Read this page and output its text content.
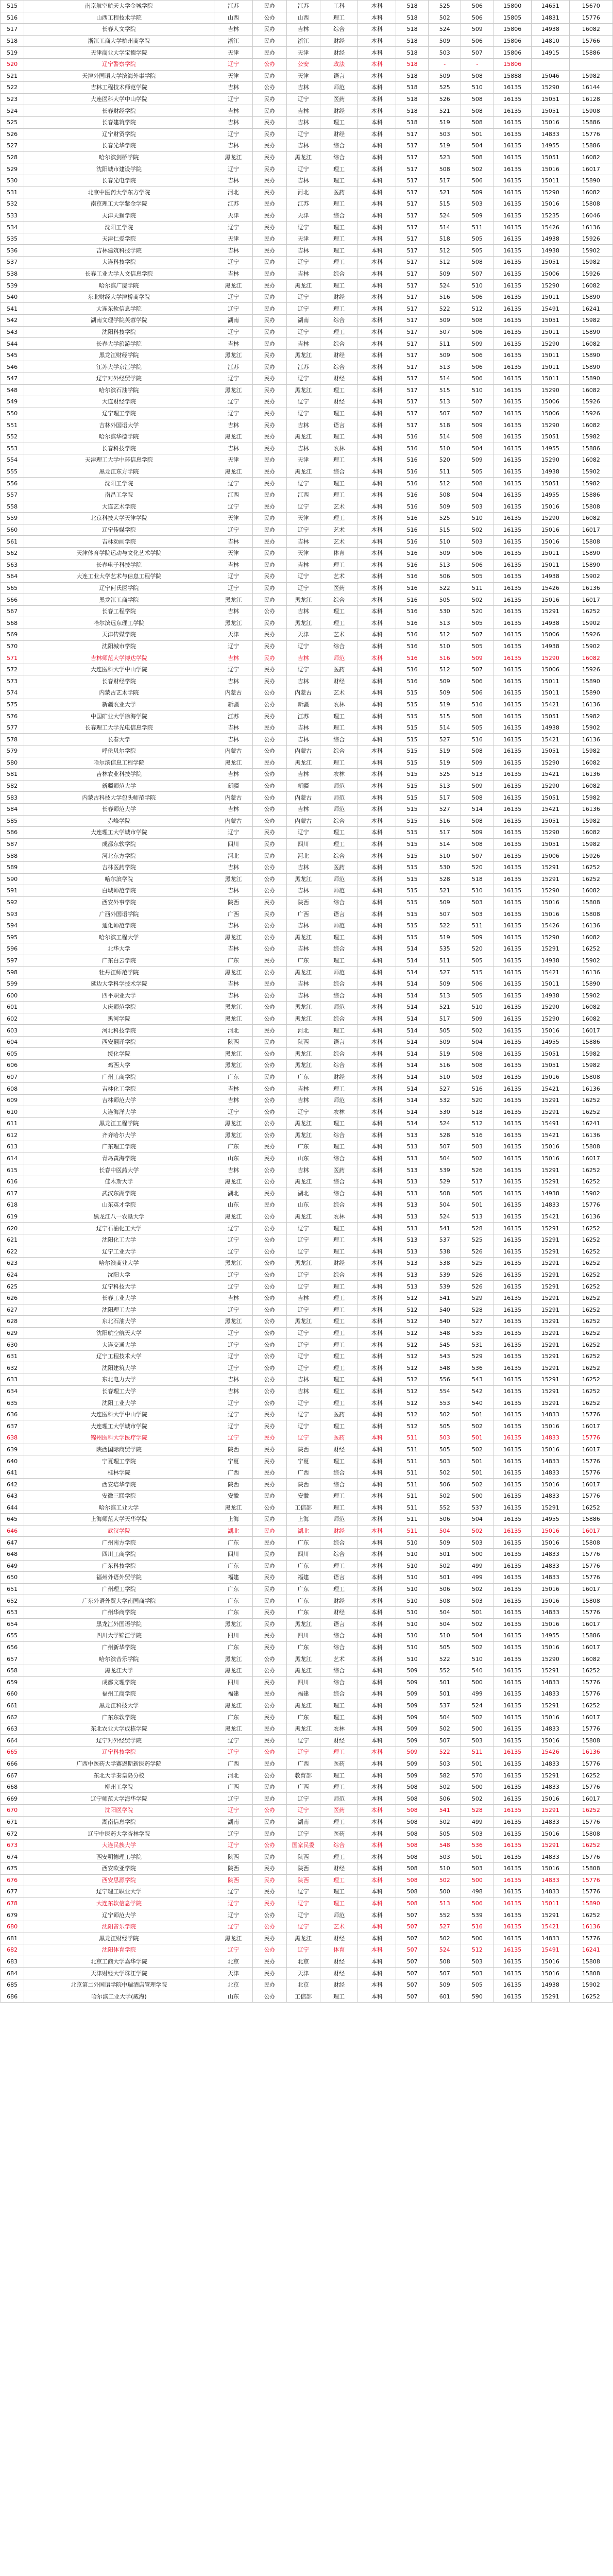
515	南京航空航天大学金城学院	江苏	民办	江苏	工科	本科	518	525	506	15800	14651	15670
516	山西工程技术学院	山西	公办	山西	理工	本科	518	502	506	15805	14831	15776
517	长春人文学院	吉林	民办	吉林	综合	本科	518	524	509	15806	14938	16082
518	浙江工商大学杭州商学院	浙江	民办	浙江	财经	本科	518	509	506	15806	14810	15766
519	天津商业大学宝德学院	天津	民办	天津	财经	本科	518	503	507	15806	14915	15886
520	辽宁警察学院	辽宁	公办	公安	政法	本科	518	-	-	15806		
521	天津外国语大学滨海外事学院	天津	民办	天津	语言	本科	518	509	508	15888	15046	15982
522	吉林工程技术师范学院	吉林	公办	吉林	师范	本科	518	525	510	16135	15290	16144
523	大连医科大学中山学院	辽宁	民办	辽宁	医药	本科	518	526	508	16135	15051	16128
524	长春财经学院	吉林	民办	吉林	财经	本科	518	521	508	16135	15051	15908
525	长春建筑学院	吉林	民办	吉林	理工	本科	518	519	508	16135	15016	15886
526	辽宁财贸学院	辽宁	民办	辽宁	财经	本科	517	503	501	16135	14833	15776
527	长春光华学院	吉林	民办	吉林	综合	本科	517	519	504	16135	14955	15886
528	哈尔滨剑桥学院	黑龙江	民办	黑龙江	综合	本科	517	523	508	16135	15051	16082
529	沈阳城市建设学院	辽宁	民办	辽宁	理工	本科	517	508	502	16135	15016	16017
530	长春光电学院	吉林	民办	吉林	理工	本科	517	517	506	16135	15011	15890
531	北京中医药大学东方学院	河北	民办	河北	医药	本科	517	521	509	16135	15290	16082
532	南京理工大学紫金学院	江苏	民办	江苏	理工	本科	517	515	503	16135	15016	15808
533	天津天狮学院	天津	民办	天津	综合	本科	517	524	509	16135	15235	16046
534	沈阳工学院	辽宁	民办	辽宁	理工	本科	517	514	511	16135	15426	16136
535	天津仁爱学院	天津	民办	天津	理工	本科	517	518	505	16135	14938	15926
536	吉林建筑科技学院	吉林	民办	吉林	理工	本科	517	512	505	16135	14938	15902
537	大连科技学院	辽宁	民办	辽宁	理工	本科	517	512	508	16135	15051	15982
538	长春工业大学人文信息学院	吉林	民办	吉林	综合	本科	517	509	507	16135	15006	15926
539	哈尔滨广厦学院	黑龙江	民办	黑龙江	理工	本科	517	524	510	16135	15290	16082
540	东北财经大学津桥商学院	辽宁	民办	辽宁	财经	本科	517	516	506	16135	15011	15890
541	大连东软信息学院	辽宁	民办	辽宁	理工	本科	517	522	512	16135	15491	16241
542	湖南文理学院芙蓉学院	湖南	民办	湖南	综合	本科	517	509	508	16135	15051	15982
543	沈阳科技学院	辽宁	民办	辽宁	理工	本科	517	507	506	16135	15011	15890
544	长春大学旅游学院	吉林	民办	吉林	综合	本科	517	511	509	16135	15290	16082
545	黑龙江财经学院	黑龙江	民办	黑龙江	财经	本科	517	509	506	16135	15011	15890
546	江苏大学京江学院	江苏	民办	江苏	综合	本科	517	513	506	16135	15011	15890
547	辽宁对外经贸学院	辽宁	民办	辽宁	财经	本科	517	514	506	16135	15011	15890
548	哈尔滨石油学院	黑龙江	民办	黑龙江	理工	本科	517	515	510	16135	15290	16082
549	大连财经学院	辽宁	民办	辽宁	财经	本科	517	513	507	16135	15006	15926
550	辽宁理工学院	辽宁	民办	辽宁	理工	本科	517	507	507	16135	15006	15926
551	吉林外国语大学	吉林	民办	吉林	语言	本科	517	518	509	16135	15290	16082
552	哈尔滨华德学院	黑龙江	民办	黑龙江	理工	本科	516	514	508	16135	15051	15982
553	长春科技学院	吉林	民办	吉林	农林	本科	516	510	504	16135	14955	15886
554	天津理工大学中环信息学院	天津	民办	天津	理工	本科	516	520	509	16135	15290	16082
555	黑龙江东方学院	黑龙江	民办	黑龙江	综合	本科	516	511	505	16135	14938	15902
556	沈阳工学院	辽宁	民办	辽宁	理工	本科	516	512	508	16135	15051	15982
557	南昌工学院	江西	民办	江西	理工	本科	516	508	504	16135	14955	15886
558	大连艺术学院	辽宁	民办	辽宁	艺术	本科	516	509	503	16135	15016	15808
559	北京科技大学天津学院	天津	民办	天津	理工	本科	516	525	510	16135	15290	16082
560	辽宁传媒学院	辽宁	民办	辽宁	艺术	本科	516	515	502	16135	15016	16017
561	吉林动画学院	吉林	民办	吉林	艺术	本科	516	510	503	16135	15016	15808
562	天津体育学院运动与文化艺术学院	天津	民办	天津	体育	本科	516	509	506	16135	15011	15890
563	长春电子科技学院	吉林	民办	吉林	理工	本科	516	513	506	16135	15011	15890
564	大连工业大学艺术与信息工程学院	辽宁	民办	辽宁	艺术	本科	516	506	505	16135	14938	15902
565	辽宁何氏医学院	辽宁	民办	辽宁	医药	本科	516	522	511	16135	15426	16136
566	黑龙江工商学院	黑龙江	民办	黑龙江	综合	本科	516	505	502	16135	15016	16017
567	长春工程学院	吉林	公办	吉林	理工	本科	516	530	520	16135	15291	16252
568	哈尔滨远东理工学院	黑龙江	民办	黑龙江	理工	本科	516	513	505	16135	14938	15902
569	天津传媒学院	天津	民办	天津	艺术	本科	516	512	507	16135	15006	15926
570	沈阳城市学院	辽宁	民办	辽宁	综合	本科	516	510	505	16135	14938	15902
571	吉林师范大学博达学院	吉林	民办	吉林	师范	本科	516	516	509	16135	15290	16082
572	大连医科大学中山学院	辽宁	民办	辽宁	医药	本科	516	512	507	16135	15006	15926
573	长春财经学院	吉林	民办	吉林	财经	本科	516	509	506	16135	15011	15890
574	内蒙古艺术学院	内蒙古	公办	内蒙古	艺术	本科	515	509	506	16135	15011	15890
575	新疆农业大学	新疆	公办	新疆	农林	本科	515	519	516	16135	15421	16136
576	中国矿业大学徐海学院	江苏	民办	江苏	理工	本科	515	515	508	16135	15051	15982
577	长春理工大学光电信息学院	吉林	民办	吉林	理工	本科	515	514	505	16135	14938	15902
578	长春大学	吉林	公办	吉林	综合	本科	515	527	516	16135	15421	16136
579	呼伦贝尔学院	内蒙古	公办	内蒙古	综合	本科	515	519	508	16135	15051	15982
580	哈尔滨信息工程学院	黑龙江	民办	黑龙江	理工	本科	515	519	509	16135	15290	16082
581	吉林农业科技学院	吉林	公办	吉林	农林	本科	515	525	513	16135	15421	16136
582	新疆师范大学	新疆	公办	新疆	师范	本科	515	513	509	16135	15290	16082
583	内蒙古科技大学包头师范学院	内蒙古	公办	内蒙古	师范	本科	515	517	508	16135	15051	15982
584	长春师范大学	吉林	公办	吉林	师范	本科	515	527	514	16135	15421	16136
585	赤峰学院	内蒙古	公办	内蒙古	综合	本科	515	516	508	16135	15051	15982
586	大连理工大学城市学院	辽宁	民办	辽宁	理工	本科	515	517	509	16135	15290	16082
587	成都东软学院	四川	民办	四川	理工	本科	515	514	508	16135	15051	15982
588	河北东方学院	河北	民办	河北	综合	本科	515	510	507	16135	15006	15926
589	吉林医药学院	吉林	公办	吉林	医药	本科	515	530	520	16135	15291	16252
590	哈尔滨学院	黑龙江	公办	黑龙江	师范	本科	515	528	518	16135	15291	16252
591	白城师范学院	吉林	公办	吉林	师范	本科	515	521	510	16135	15290	16082
592	西安外事学院	陕西	民办	陕西	综合	本科	515	509	503	16135	15016	15808
593	广西外国语学院	广西	民办	广西	语言	本科	515	507	503	16135	15016	15808
594	通化师范学院	吉林	公办	吉林	师范	本科	515	522	511	16135	15426	16136
595	哈尔滨工程大学	黑龙江	公办	黑龙江	理工	本科	515	519	509	16135	15290	16082
596	北华大学	吉林	公办	吉林	综合	本科	514	535	520	16135	15291	16252
597	广东白云学院	广东	民办	广东	理工	本科	514	511	505	16135	14938	15902
598	牡丹江师范学院	黑龙江	公办	黑龙江	师范	本科	514	527	515	16135	15421	16136
599	延边大学科学技术学院	吉林	民办	吉林	综合	本科	514	509	506	16135	15011	15890
600	四平职业大学	吉林	公办	吉林	综合	本科	514	513	505	16135	14938	15902
601	大庆师范学院	黑龙江	公办	黑龙江	师范	本科	514	521	510	16135	15290	16082
602	黑河学院	黑龙江	公办	黑龙江	综合	本科	514	517	509	16135	15290	16082
603	河北科技学院	河北	民办	河北	理工	本科	514	505	502	16135	15016	16017
604	西安翻译学院	陕西	民办	陕西	语言	本科	514	509	504	16135	14955	15886
605	绥化学院	黑龙江	公办	黑龙江	综合	本科	514	519	508	16135	15051	15982
606	鸡西大学	黑龙江	公办	黑龙江	综合	本科	514	516	508	16135	15051	15982
607	广州工商学院	广东	民办	广东	财经	本科	514	510	503	16135	15016	15808
608	吉林化工学院	吉林	公办	吉林	理工	本科	514	527	516	16135	15421	16136
609	吉林师范大学	吉林	公办	吉林	师范	本科	514	532	520	16135	15291	16252
610	大连海洋大学	辽宁	公办	辽宁	农林	本科	514	530	518	16135	15291	16252
611	黑龙江工程学院	黑龙江	公办	黑龙江	理工	本科	514	524	512	16135	15491	16241
612	齐齐哈尔大学	黑龙江	公办	黑龙江	综合	本科	513	528	516	16135	15421	16136
613	广东理工学院	广东	民办	广东	理工	本科	513	507	503	16135	15016	15808
614	青岛黄海学院	山东	民办	山东	综合	本科	513	504	502	16135	15016	16017
615	长春中医药大学	吉林	公办	吉林	医药	本科	513	539	526	16135	15291	16252
616	佳木斯大学	黑龙江	公办	黑龙江	综合	本科	513	529	517	16135	15291	16252
617	武汉东湖学院	湖北	民办	湖北	综合	本科	513	508	505	16135	14938	15902
618	山东英才学院	山东	民办	山东	综合	本科	513	504	501	16135	14833	15776
619	黑龙江八一农垦大学	黑龙江	公办	黑龙江	农林	本科	513	524	513	16135	15421	16136
620	辽宁石油化工大学	辽宁	公办	辽宁	理工	本科	513	541	528	16135	15291	16252
621	沈阳化工大学	辽宁	公办	辽宁	理工	本科	513	537	525	16135	15291	16252
622	辽宁工业大学	辽宁	公办	辽宁	理工	本科	513	538	526	16135	15291	16252
623	哈尔滨商业大学	黑龙江	公办	黑龙江	财经	本科	513	538	525	16135	15291	16252
624	沈阳大学	辽宁	公办	辽宁	综合	本科	513	539	526	16135	15291	16252
625	辽宁科技大学	辽宁	公办	辽宁	理工	本科	513	539	526	16135	15291	16252
626	长春工业大学	吉林	公办	吉林	理工	本科	512	541	529	16135	15291	16252
627	沈阳理工大学	辽宁	公办	辽宁	理工	本科	512	540	528	16135	15291	16252
628	东北石油大学	黑龙江	公办	黑龙江	理工	本科	512	540	527	16135	15291	16252
629	沈阳航空航天大学	辽宁	公办	辽宁	理工	本科	512	548	535	16135	15291	16252
630	大连交通大学	辽宁	公办	辽宁	理工	本科	512	545	531	16135	15291	16252
631	辽宁工程技术大学	辽宁	公办	辽宁	理工	本科	512	543	529	16135	15291	16252
632	沈阳建筑大学	辽宁	公办	辽宁	理工	本科	512	548	536	16135	15291	16252
633	东北电力大学	吉林	公办	吉林	理工	本科	512	556	543	16135	15291	16252
634	长春理工大学	吉林	公办	吉林	理工	本科	512	554	542	16135	15291	16252
635	沈阳工业大学	辽宁	公办	辽宁	理工	本科	512	553	540	16135	15291	16252
636	大连医科大学中山学院	辽宁	民办	辽宁	医药	本科	512	502	501	16135	14833	15776
637	大连理工大学城市学院	辽宁	民办	辽宁	理工	本科	512	505	502	16135	15016	16017
638	锦州医科大学医疗学院	辽宁	民办	辽宁	医药	本科	511	503	501	16135	14833	15776
639	陕西国际商贸学院	陕西	民办	陕西	财经	本科	511	505	502	16135	15016	16017
640	宁夏理工学院	宁夏	民办	宁夏	理工	本科	511	503	501	16135	14833	15776
641	桂林学院	广西	民办	广西	综合	本科	511	502	501	16135	14833	15776
642	西安培华学院	陕西	民办	陕西	综合	本科	511	506	502	16135	15016	16017
643	安徽三联学院	安徽	民办	安徽	理工	本科	511	502	500	16135	14833	15776
644	哈尔滨工业大学	黑龙江	公办	工信部	理工	本科	511	552	537	16135	15291	16252
645	上海师范大学天华学院	上海	民办	上海	师范	本科	511	506	504	16135	14955	15886
646	武汉学院	湖北	民办	湖北	财经	本科	511	504	502	16135	15016	16017
647	广州南方学院	广东	民办	广东	综合	本科	510	509	503	16135	15016	15808
648	四川工商学院	四川	民办	四川	综合	本科	510	501	500	16135	14833	15776
649	广东科技学院	广东	民办	广东	理工	本科	510	502	499	16135	14833	15776
650	福州外语外贸学院	福建	民办	福建	语言	本科	510	501	499	16135	14833	15776
651	广州理工学院	广东	民办	广东	理工	本科	510	506	502	16135	15016	16017
652	广东外语外贸大学南国商学院	广东	民办	广东	财经	本科	510	508	503	16135	15016	15808
653	广州华商学院	广东	民办	广东	财经	本科	510	504	501	16135	14833	15776
654	黑龙江外国语学院	黑龙江	民办	黑龙江	语言	本科	510	504	502	16135	15016	16017
655	四川大学锦江学院	四川	民办	四川	综合	本科	510	510	504	16135	14955	15886
656	广州新华学院	广东	民办	广东	综合	本科	510	505	502	16135	15016	16017
657	哈尔滨音乐学院	黑龙江	公办	黑龙江	艺术	本科	510	522	510	16135	15290	16082
658	黑龙江大学	黑龙江	公办	黑龙江	综合	本科	509	552	540	16135	15291	16252
659	成都文理学院	四川	民办	四川	综合	本科	509	501	500	16135	14833	15776
660	福州工商学院	福建	民办	福建	综合	本科	509	501	499	16135	14833	15776
661	黑龙江科技大学	黑龙江	公办	黑龙江	理工	本科	509	537	524	16135	15291	16252
662	广东东软学院	广东	民办	广东	理工	本科	509	504	502	16135	15016	16017
663	东北农业大学成栋学院	黑龙江	民办	黑龙江	农林	本科	509	502	500	16135	14833	15776
664	辽宁对外经贸学院	辽宁	民办	辽宁	财经	本科	509	507	503	16135	15016	15808
665	辽宁科技学院	辽宁	公办	辽宁	理工	本科	509	522	511	16135	15426	16136
666	广西中医药大学赛恩斯新医药学院	广西	民办	广西	医药	本科	509	503	501	16135	14833	15776
667	东北大学秦皇岛分校	河北	公办	教育部	理工	本科	509	582	570	16135	15291	16252
668	柳州工学院	广西	民办	广西	理工	本科	508	502	500	16135	14833	15776
669	辽宁师范大学海华学院	辽宁	民办	辽宁	师范	本科	508	506	502	16135	15016	16017
670	沈阳医学院	辽宁	公办	辽宁	医药	本科	508	541	528	16135	15291	16252
671	湖南信息学院	湖南	民办	湖南	理工	本科	508	502	499	16135	14833	15776
672	辽宁中医药大学杏林学院	辽宁	民办	辽宁	医药	本科	508	505	503	16135	15016	15808
673	大连民族大学	辽宁	公办	国家民委	综合	本科	508	548	536	16135	15291	16252
674	西安明德理工学院	陕西	民办	陕西	理工	本科	508	503	501	16135	14833	15776
675	西安欧亚学院	陕西	民办	陕西	财经	本科	508	510	503	16135	15016	15808
676	西安思源学院	陕西	民办	陕西	理工	本科	508	502	500	16135	14833	15776
677	辽宁理工职业大学	辽宁	民办	辽宁	理工	本科	508	500	498	16135	14833	15776
678	大连东软信息学院	辽宁	民办	辽宁	理工	本科	508	513	506	16135	15011	15890
679	辽宁师范大学	辽宁	公办	辽宁	师范	本科	507	552	539	16135	15291	16252
680	沈阳音乐学院	辽宁	公办	辽宁	艺术	本科	507	527	516	16135	15421	16136
681	黑龙江财经学院	黑龙江	民办	黑龙江	财经	本科	507	502	500	16135	14833	15776
682	沈阳体育学院	辽宁	公办	辽宁	体育	本科	507	524	512	16135	15491	16241
683	北京工商大学嘉华学院	北京	民办	北京	财经	本科	507	508	503	16135	15016	15808
684	天津财经大学珠江学院	天津	民办	天津	财经	本科	507	507	503	16135	15016	15808
685	北京第二外国语学院中瑞酒店管理学院	北京	民办	北京	财经	本科	507	509	505	16135	14938	15902
686	哈尔滨工业大学(威海)	山东	公办	工信部	理工	本科	507	601	590	16135	15291	16252
